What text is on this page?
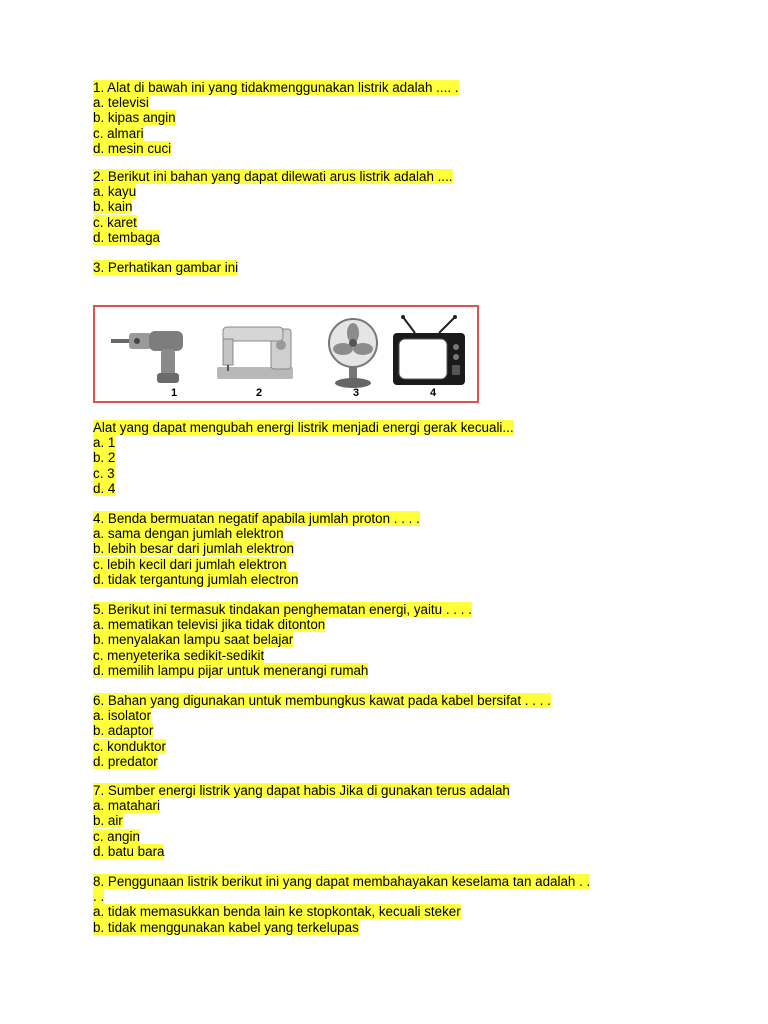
1. Alat di bawah ini yang tidakmenggunakan listrik adalah .... .
a. televisi
b. kipas angin
c. almari
d. mesin cuci
2. Berikut ini bahan yang dapat dilewati arus listrik adalah ....
a. kayu
b. kain
c. karet
d. tembaga
3. Perhatikan gambar ini
1	2	3	4
Alat yang dapat mengubah energi listrik menjadi energi gerak kecuali...
a. 1
b. 2
c. 3
d. 4
4. Benda bermuatan negatif apabila jumlah proton . . . .
a. sama dengan jumlah elektron
b. lebih besar dari jumlah elektron
c. lebih kecil dari jumlah elektron
d. tidak tergantung jumlah electron
5. Berikut ini termasuk tindakan penghematan energi, yaitu . . . .
a. mematikan televisi jika tidak ditonton
b. menyalakan lampu saat belajar
c. menyeterika sedikit-sedikit
d. memilih lampu pijar untuk menerangi rumah
6. Bahan yang digunakan untuk membungkus kawat pada kabel bersifat . . . .
a. isolator
b. adaptor
c. konduktor
d. predator
7. Sumber energi listrik yang dapat habis Jika di gunakan terus adalah
a. matahari
b. air
c. angin
d. batu bara
8. Penggunaan listrik berikut ini yang dapat membahayakan keselama tan adalah . .
. .
a. tidak memasukkan benda lain ke stopkontak, kecuali steker
b. tidak menggunakan kabel yang terkelupas
